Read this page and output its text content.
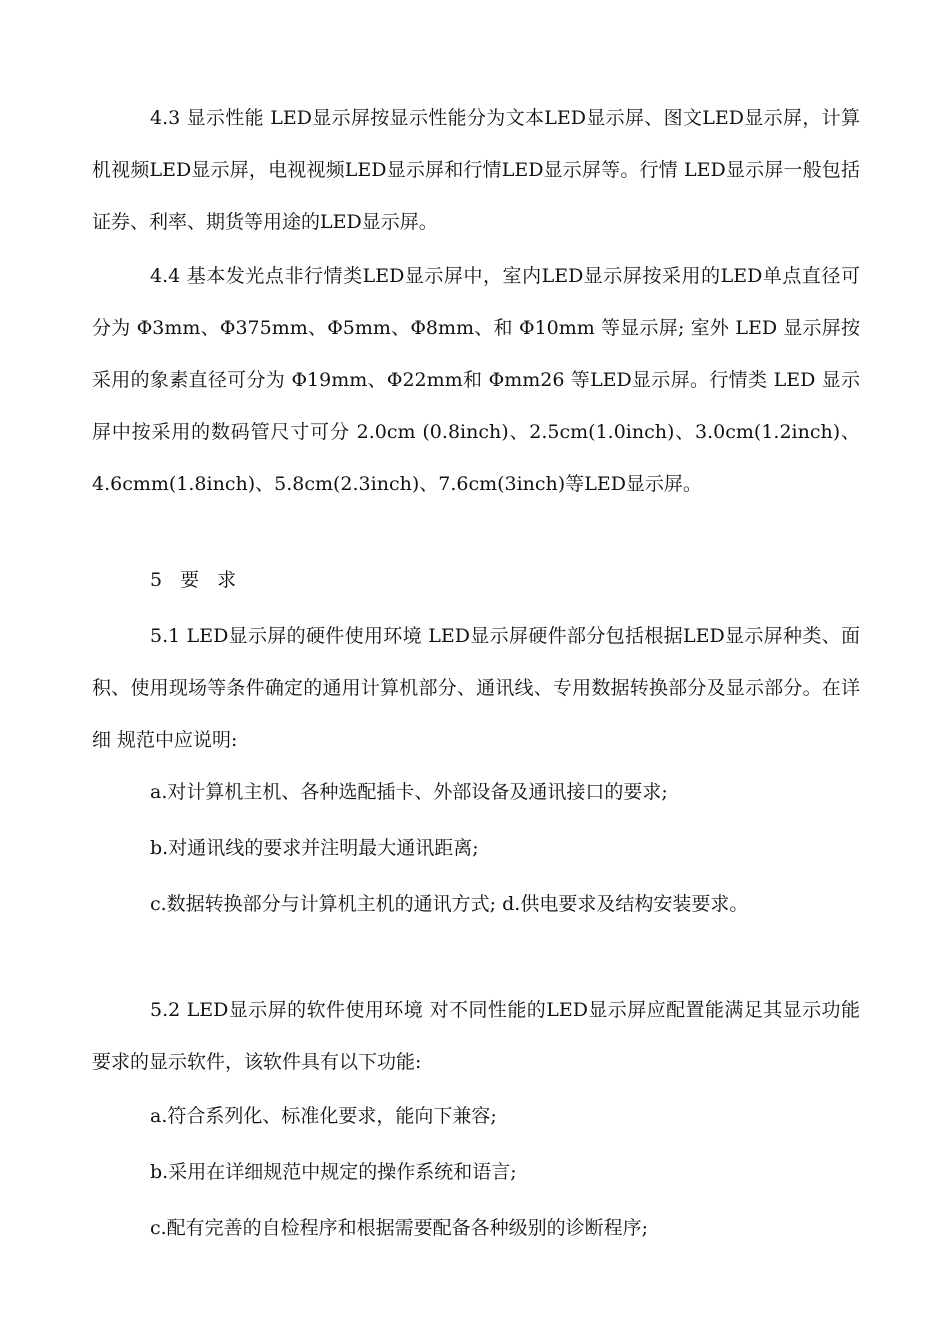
4.3 显示性能 LED显示屏按显示性能分为文本LED显示屏、图文LED显示屏，计算机视频LED显示屏，电视视频LED显示屏和行情LED显示屏等。行情 LED显示屏一般包括证券、利率、期货等用途的LED显示屏。

4.4 基本发光点非行情类LED显示屏中，室内LED显示屏按采用的LED单点直径可分为 Φ3mm、Φ375mm、Φ5mm、Φ8mm、和 Φ10mm 等显示屏; 室外 LED 显示屏按采用的象素直径可分为 Φ19mm、Φ22mm和 Φmm26 等LED显示屏。行情类 LED 显示屏中按采用的数码管尺寸可分 2.0cm (0.8inch)、2.5cm(1.0inch)、3.0cm(1.2inch)、4.6cmm(1.8inch)、5.8cm(2.3inch)、7.6cm(3inch)等LED显示屏。

5 要 求

5.1 LED显示屏的硬件使用环境 LED显示屏硬件部分包括根据LED显示屏种类、面积、使用现场等条件确定的通用计算机部分、通讯线、专用数据转换部分及显示部分。在详细 规范中应说明:

a.对计算机主机、各种选配插卡、外部设备及通讯接口的要求;

b.对通讯线的要求并注明最大通讯距离;

c.数据转换部分与计算机主机的通讯方式; d.供电要求及结构安装要求。

5.2 LED显示屏的软件使用环境 对不同性能的LED显示屏应配置能满足其显示功能要求的显示软件，该软件具有以下功能:

a.符合系列化、标准化要求，能向下兼容;

b.采用在详细规范中规定的操作系统和语言;

c.配有完善的自检程序和根据需要配备各种级别的诊断程序;
